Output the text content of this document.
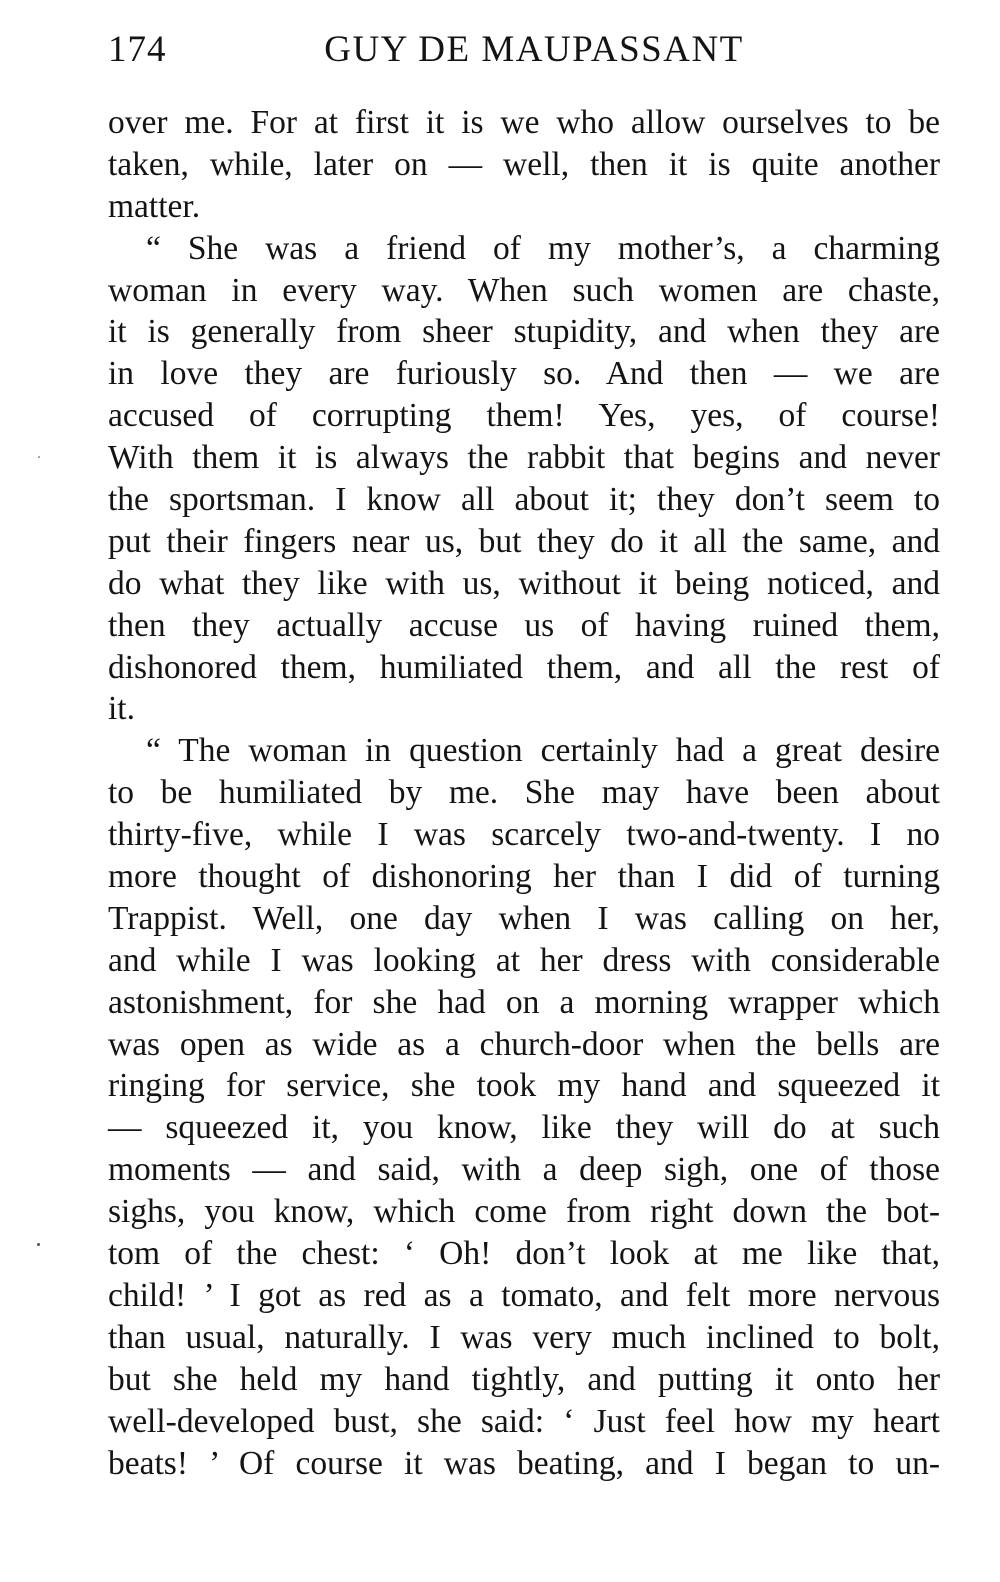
174	GUY DE MAUPASSANT
over me. For at first it is we who allow ourselves to be
taken, while, later on — well, then it is quite another
matter.
“ She was a friend of my mother’s, a charming
woman in every way. When such women are chaste,
it is generally from sheer stupidity, and when they are
in love they are furiously so. And then — we are
accused of corrupting them! Yes, yes, of course!
With them it is always the rabbit that begins and never
the sportsman. I know all about it; they don’t seem to
put their fingers near us, but they do it all the same, and
do what they like with us, without it being noticed, and
then they actually accuse us of having ruined them,
dishonored them, humiliated them, and all the rest of
it.
“ The woman in question certainly had a great desire
to be humiliated by me. She may have been about
thirty-five, while I was scarcely two-and-twenty. I no
more thought of dishonoring her than I did of turning
Trappist. Well, one day when I was calling on her,
and while I was looking at her dress with considerable
astonishment, for she had on a morning wrapper which
was open as wide as a church-door when the bells are
ringing for service, she took my hand and squeezed it
— squeezed it, you know, like they will do at such
moments — and said, with a deep sigh, one of those
sighs, you know, which come from right down the bot-
tom of the chest: ‘ Oh! don’t look at me like that,
child! ’ I got as red as a tomato, and felt more nervous
than usual, naturally. I was very much inclined to bolt,
but she held my hand tightly, and putting it onto her
well-developed bust, she said: ‘ Just feel how my heart
beats! ’ Of course it was beating, and I began to un-
